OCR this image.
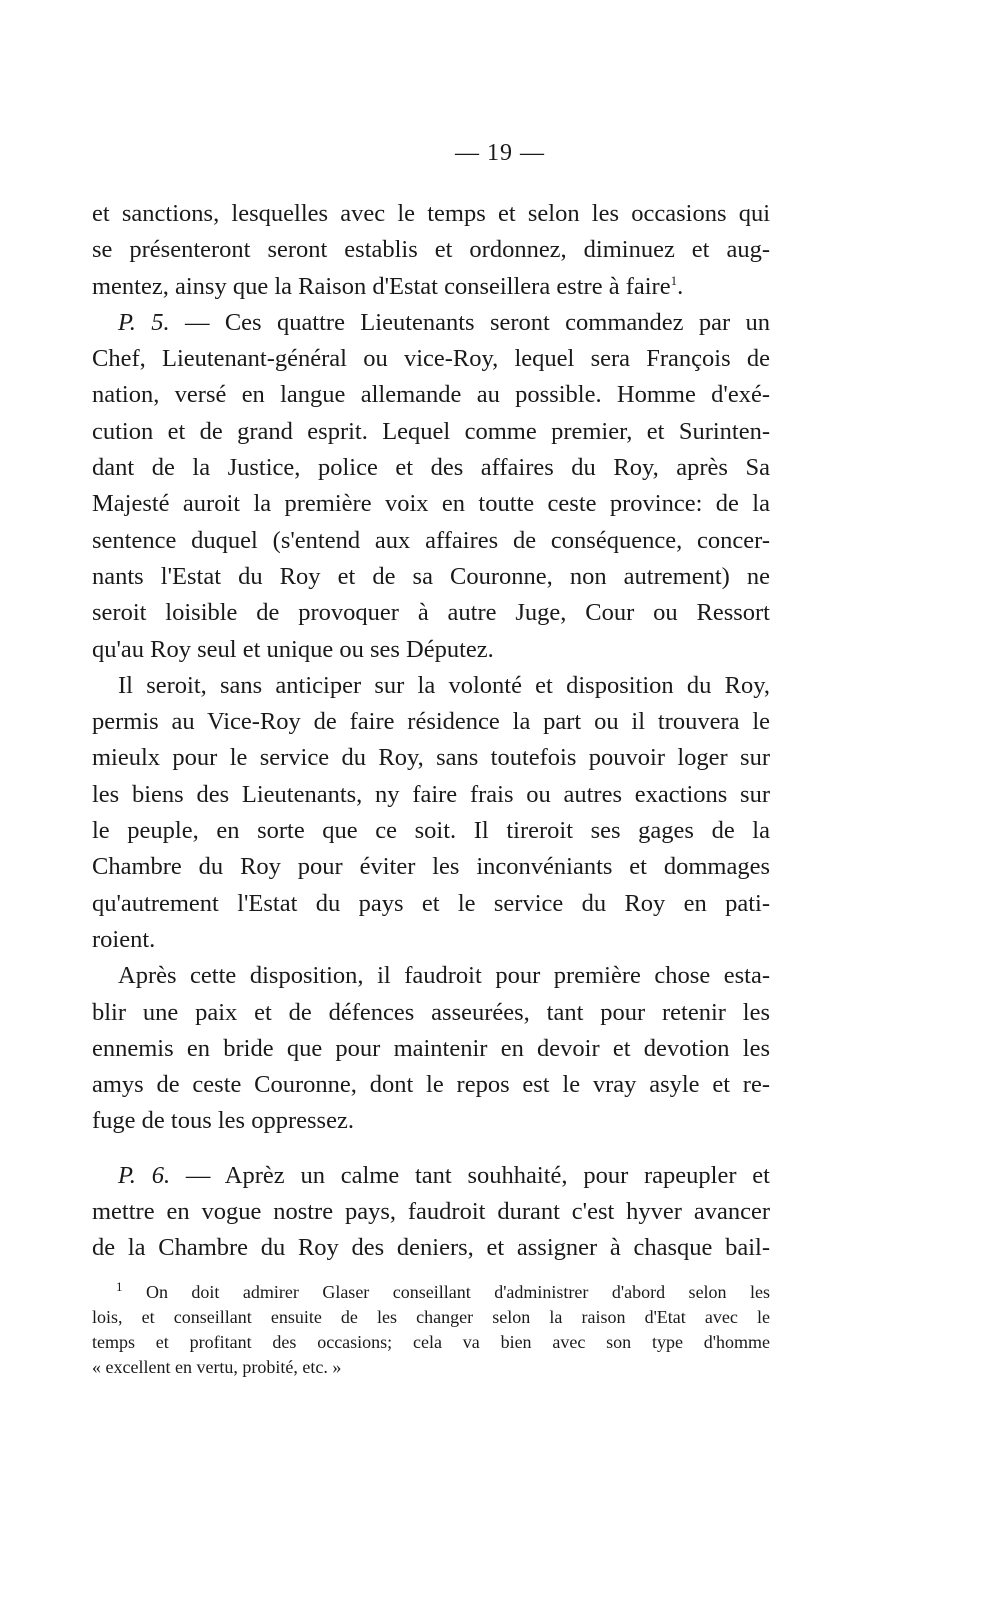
— 19 —
et sanctions, lesquelles avec le temps et selon les occasions qui
se présenteront seront establis et ordonnez, diminuez et aug-
mentez, ainsy que la Raison d'Estat conseillera estre à faire$^1$.
P. 5. — Ces quattre Lieutenants seront commandez par un
Chef, Lieutenant-général ou vice-Roy, lequel sera François de
nation, versé en langue allemande au possible. Homme d'exé-
cution et de grand esprit. Lequel comme premier, et Surinten-
dant de la Justice, police et des affaires du Roy, après Sa
Majesté auroit la première voix en toutte ceste province: de la
sentence duquel (s'entend aux affaires de conséquence, concer-
nants l'Estat du Roy et de sa Couronne, non autrement) ne
seroit loisible de provoquer à autre Juge, Cour ou Ressort
qu'au Roy seul et unique ou ses Députez.
Il seroit, sans anticiper sur la volonté et disposition du Roy,
permis au Vice-Roy de faire résidence la part ou il trouvera le
mieulx pour le service du Roy, sans toutefois pouvoir loger sur
les biens des Lieutenants, ny faire frais ou autres exactions sur
le peuple, en sorte que ce soit. Il tireroit ses gages de la
Chambre du Roy pour éviter les inconvéniants et dommages
qu'autrement l'Estat du pays et le service du Roy en pati-
roient.
Après cette disposition, il faudroit pour première chose esta-
blir une paix et de défences asseurées, tant pour retenir les
ennemis en bride que pour maintenir en devoir et devotion les
amys de ceste Couronne, dont le repos est le vray asyle et re-
fuge de tous les oppressez.
P. 6. — Aprèz un calme tant souhhaité, pour rapeupler et
mettre en vogue nostre pays, faudroit durant c'est hyver avancer
de la Chambre du Roy des deniers, et assigner à chasque bail-
$^1$ On doit admirer Glaser conseillant d'administrer d'abord selon les
lois, et conseillant ensuite de les changer selon la raison d'Etat avec le
temps et profitant des occasions; cela va bien avec son type d'homme
« excellent en vertu, probité, etc. »
